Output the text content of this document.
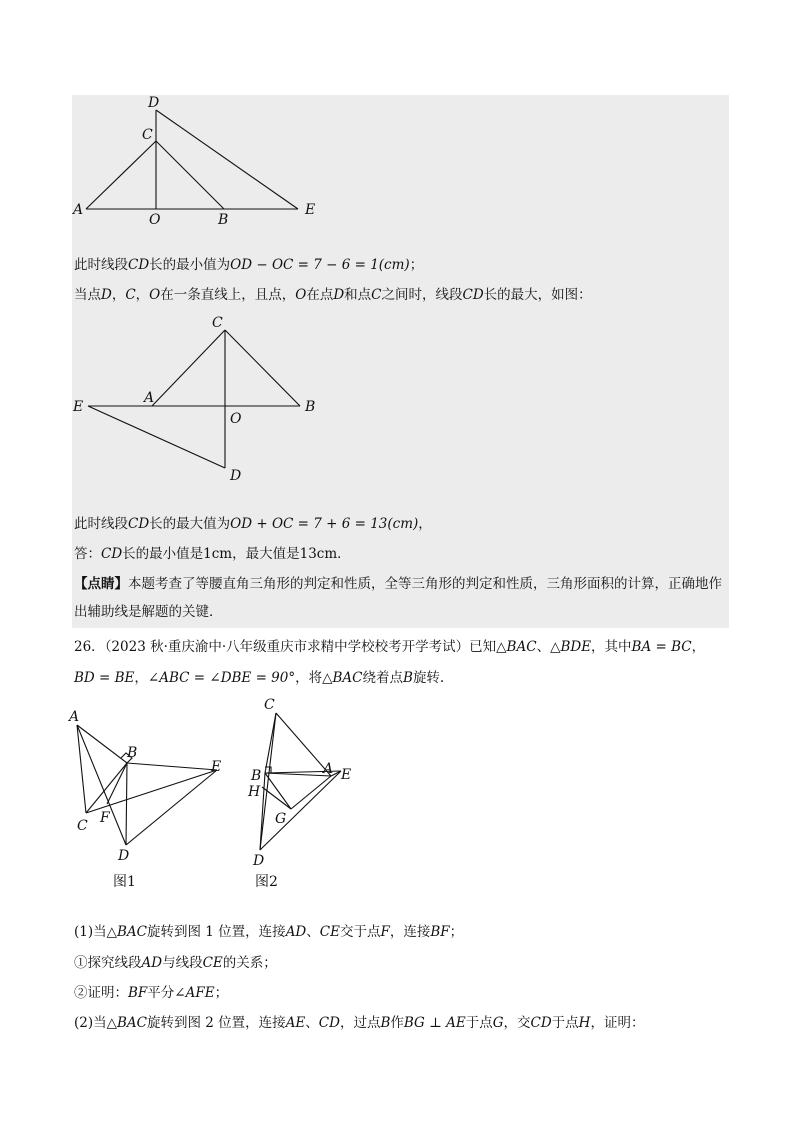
D
C
A
O	B
E
此时线段CD长的最小值为OD − OC = 7 − 6 = 1(cm)；
当点D，C，O在一条直线上，且点，O在点D和点C之间时，线段CD长的最大，如图：
C
E
A
O
B
D
此时线段CD长的最大值为OD + OC = 7 + 6 = 13(cm)，
答：CD长的最小值是1cm，最大值是13cm．
【点睛】本题考查了等腰直角三角形的判定和性质，全等三角形的判定和性质，三角形面积的计算，正确地作出辅助线是解题的关键．
26．（2023 秋·重庆渝中·八年级重庆市求精中学校校考开学考试）已知△BAC、△BDE，其中BA = BC，
BD = BE，∠ABC = ∠DBE = 90°，将△BAC绕着点B旋转.
A
B
E
C F
D
图1
C
B
H
A E
G
D
图2
(1)当△BAC旋转到图 1 位置，连接AD、CE交于点F，连接BF；
①探究线段AD与线段CE的关系；
②证明：BF平分∠AFE；
(2)当△BAC旋转到图 2 位置，连接AE、CD，过点B作BG ⊥ AE于点G，交CD于点H，证明：
